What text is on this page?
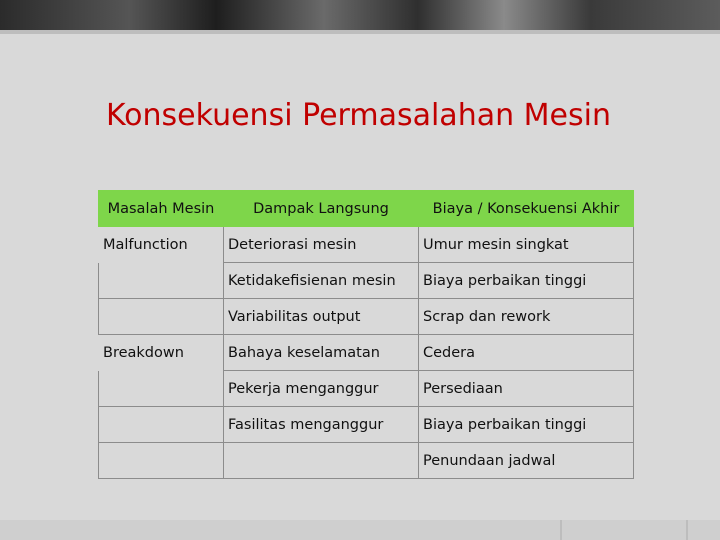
Konsekuensi Permasalahan Mesin
Masalah Mesin	Dampak Langsung	Biaya / Konsekuensi Akhir
Malfunction	Deteriorasi mesin	Umur mesin singkat
	Ketidakefisienan mesin	Biaya perbaikan tinggi
	Variabilitas output	Scrap dan rework
Breakdown	Bahaya keselamatan	Cedera
	Pekerja menganggur	Persediaan
	Fasilitas menganggur	Biaya perbaikan tinggi
		Penundaan jadwal
